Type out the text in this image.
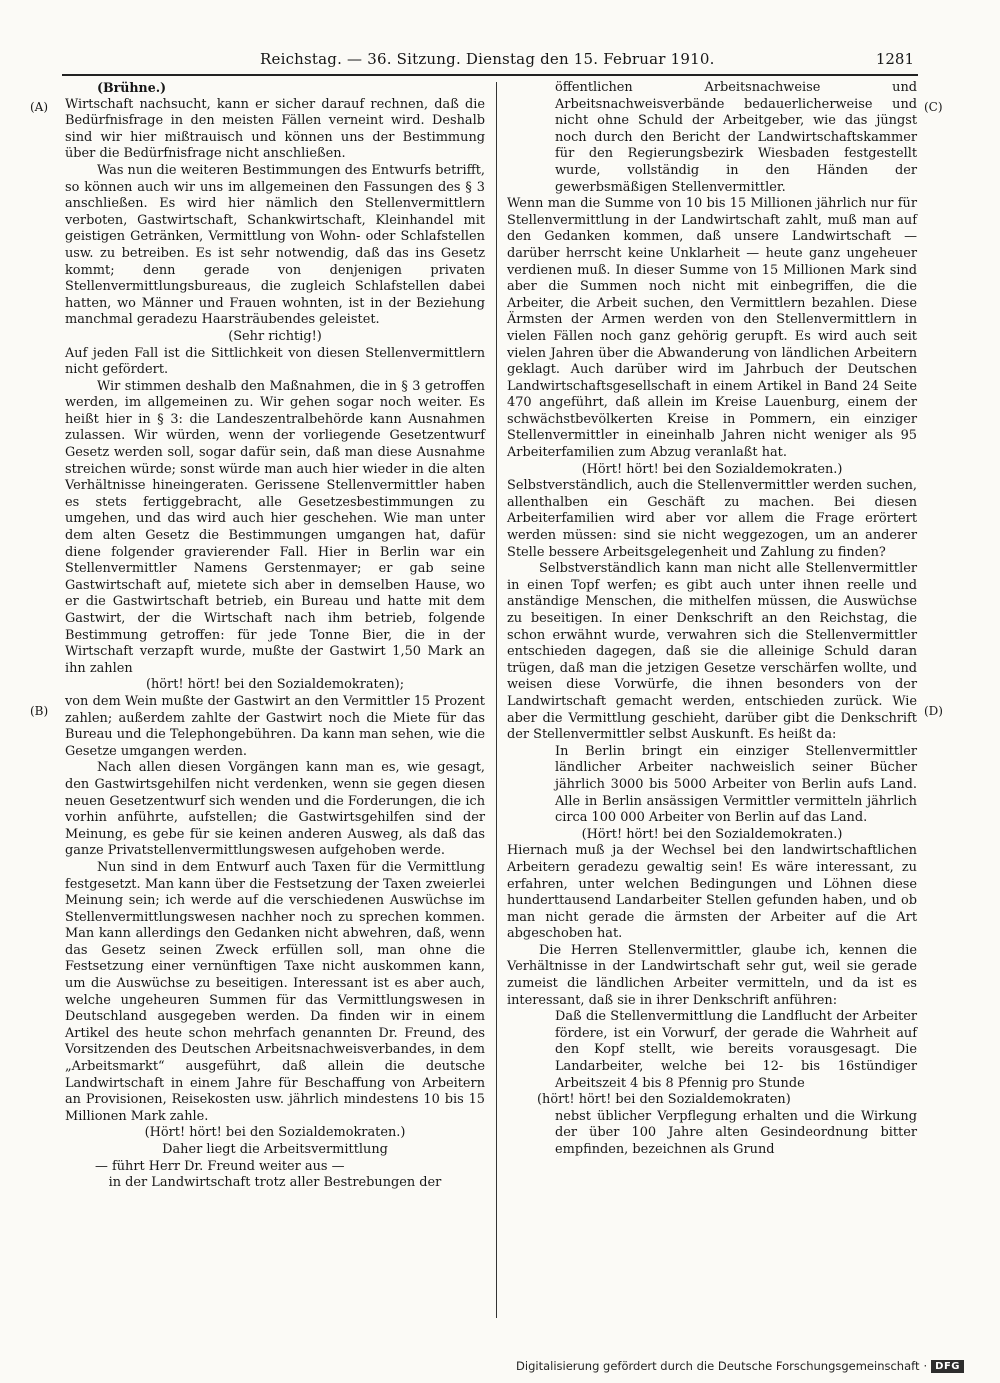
Reichstag. — 36. Sitzung. Dienstag den 15. Februar 1910.	1281
(A)
(B)
(C)
(D)

(Brühne.)

Wirtschaft nachsucht, kann er sicher darauf rechnen, daß die Bedürfnisfrage in den meisten Fällen verneint wird. Deshalb sind wir hier mißtrauisch und können uns der Bestimmung über die Bedürfnisfrage nicht anschließen.

Was nun die weiteren Bestimmungen des Entwurfs betrifft, so können auch wir uns im allgemeinen den Fassungen des § 3 anschließen. Es wird hier nämlich den Stellenvermittlern verboten, Gastwirtschaft, Schankwirtschaft, Kleinhandel mit geistigen Getränken, Vermittlung von Wohn- oder Schlafstellen usw. zu betreiben. Es ist sehr notwendig, daß das ins Gesetz kommt; denn gerade von denjenigen privaten Stellenvermittlungsbureaus, die zugleich Schlafstellen dabei hatten, wo Männer und Frauen wohnten, ist in der Beziehung manchmal geradezu Haarsträubendes geleistet.

(Sehr richtig!)

Auf jeden Fall ist die Sittlichkeit von diesen Stellenvermittlern nicht gefördert.

Wir stimmen deshalb den Maßnahmen, die in § 3 getroffen werden, im allgemeinen zu. Wir gehen sogar noch weiter. Es heißt hier in § 3: die Landeszentralbehörde kann Ausnahmen zulassen. Wir würden, wenn der vorliegende Gesetzentwurf Gesetz werden soll, sogar dafür sein, daß man diese Ausnahme streichen würde; sonst würde man auch hier wieder in die alten Verhältnisse hineingeraten. Gerissene Stellenvermittler haben es stets fertiggebracht, alle Gesetzesbestimmungen zu umgehen, und das wird auch hier geschehen. Wie man unter dem alten Gesetz die Bestimmungen umgangen hat, dafür diene folgender gravierender Fall. Hier in Berlin war ein Stellenvermittler Namens Gerstenmayer; er gab seine Gastwirtschaft auf, mietete sich aber in demselben Hause, wo er die Gastwirtschaft betrieb, ein Bureau und hatte mit dem Gastwirt, der die Wirtschaft nach ihm betrieb, folgende Bestimmung getroffen: für jede Tonne Bier, die in der Wirtschaft verzapft wurde, mußte der Gastwirt 1,50 Mark an ihn zahlen

(hört! hört! bei den Sozialdemokraten);

von dem Wein mußte der Gastwirt an den Vermittler 15 Prozent zahlen; außerdem zahlte der Gastwirt noch die Miete für das Bureau und die Telephongebühren. Da kann man sehen, wie die Gesetze umgangen werden.

Nach allen diesen Vorgängen kann man es, wie gesagt, den Gastwirtsgehilfen nicht verdenken, wenn sie gegen diesen neuen Gesetzentwurf sich wenden und die Forderungen, die ich vorhin anführte, aufstellen; die Gastwirtsgehilfen sind der Meinung, es gebe für sie keinen anderen Ausweg, als daß das ganze Privatstellenvermittlungswesen aufgehoben werde.

Nun sind in dem Entwurf auch Taxen für die Vermittlung festgesetzt. Man kann über die Festsetzung der Taxen zweierlei Meinung sein; ich werde auf die verschiedenen Auswüchse im Stellenvermittlungswesen nachher noch zu sprechen kommen. Man kann allerdings den Gedanken nicht abwehren, daß, wenn das Gesetz seinen Zweck erfüllen soll, man ohne die Festsetzung einer vernünftigen Taxe nicht auskommen kann, um die Auswüchse zu beseitigen. Interessant ist es aber auch, welche ungeheuren Summen für das Vermittlungswesen in Deutschland ausgegeben werden. Da finden wir in einem Artikel des heute schon mehrfach genannten Dr. Freund, des Vorsitzenden des Deutschen Arbeitsnachweisverbandes, in dem „Arbeitsmarkt“ ausgeführt, daß allein die deutsche Landwirtschaft in einem Jahre für Beschaffung von Arbeitern an Provisionen, Reisekosten usw. jährlich mindestens 10 bis 15 Millionen Mark zahle.

(Hört! hört! bei den Sozialdemokraten.)

Daher liegt die Arbeitsvermittlung

— führt Herr Dr. Freund weiter aus —

in der Landwirtschaft trotz aller Bestrebungen der

öffentlichen Arbeitsnachweise und Arbeitsnachweisverbände bedauerlicherweise und nicht ohne Schuld der Arbeitgeber, wie das jüngst noch durch den Bericht der Landwirtschaftskammer für den Regierungsbezirk Wiesbaden festgestellt wurde, vollständig in den Händen der gewerbsmäßigen Stellenvermittler.

Wenn man die Summe von 10 bis 15 Millionen jährlich nur für Stellenvermittlung in der Landwirtschaft zahlt, muß man auf den Gedanken kommen, daß unsere Landwirtschaft — darüber herrscht keine Unklarheit — heute ganz ungeheuer verdienen muß. In dieser Summe von 15 Millionen Mark sind aber die Summen noch nicht mit einbegriffen, die die Arbeiter, die Arbeit suchen, den Vermittlern bezahlen. Diese Ärmsten der Armen werden von den Stellenvermittlern in vielen Fällen noch ganz gehörig gerupft. Es wird auch seit vielen Jahren über die Abwanderung von ländlichen Arbeitern geklagt. Auch darüber wird im Jahrbuch der Deutschen Landwirtschaftsgesellschaft in einem Artikel in Band 24 Seite 470 angeführt, daß allein im Kreise Lauenburg, einem der schwächstbevölkerten Kreise in Pommern, ein einziger Stellenvermittler in eineinhalb Jahren nicht weniger als 95 Arbeiterfamilien zum Abzug veranlaßt hat.

(Hört! hört! bei den Sozialdemokraten.)

Selbstverständlich, auch die Stellenvermittler werden suchen, allenthalben ein Geschäft zu machen. Bei diesen Arbeiterfamilien wird aber vor allem die Frage erörtert werden müssen: sind sie nicht weggezogen, um an anderer Stelle bessere Arbeitsgelegenheit und Zahlung zu finden?

Selbstverständlich kann man nicht alle Stellenvermittler in einen Topf werfen; es gibt auch unter ihnen reelle und anständige Menschen, die mithelfen müssen, die Auswüchse zu beseitigen. In einer Denkschrift an den Reichstag, die schon erwähnt wurde, verwahren sich die Stellenvermittler entschieden dagegen, daß sie die alleinige Schuld daran trügen, daß man die jetzigen Gesetze verschärfen wollte, und weisen diese Vorwürfe, die ihnen besonders von der Landwirtschaft gemacht werden, entschieden zurück. Wie aber die Vermittlung geschieht, darüber gibt die Denkschrift der Stellenvermittler selbst Auskunft. Es heißt da:

In Berlin bringt ein einziger Stellenvermittler ländlicher Arbeiter nachweislich seiner Bücher jährlich 3000 bis 5000 Arbeiter von Berlin aufs Land. Alle in Berlin ansässigen Vermittler vermitteln jährlich circa 100 000 Arbeiter von Berlin auf das Land.

(Hört! hört! bei den Sozialdemokraten.)

Hiernach muß ja der Wechsel bei den landwirtschaftlichen Arbeitern geradezu gewaltig sein! Es wäre interessant, zu erfahren, unter welchen Bedingungen und Löhnen diese hunderttausend Landarbeiter Stellen gefunden haben, und ob man nicht gerade die ärmsten der Arbeiter auf die Art abgeschoben hat.

Die Herren Stellenvermittler, glaube ich, kennen die Verhältnisse in der Landwirtschaft sehr gut, weil sie gerade zumeist die ländlichen Arbeiter vermitteln, und da ist es interessant, daß sie in ihrer Denkschrift anführen:

Daß die Stellenvermittlung die Landflucht der Arbeiter fördere, ist ein Vorwurf, der gerade die Wahrheit auf den Kopf stellt, wie bereits vorausgesagt. Die Landarbeiter, welche bei 12- bis 16stündiger Arbeitszeit 4 bis 8 Pfennig pro Stunde

(hört! hört! bei den Sozialdemokraten)

nebst üblicher Verpflegung erhalten und die Wirkung der über 100 Jahre alten Gesindeordnung bitter empfinden, bezeichnen als Grund

Digitalisierung gefördert durch die Deutsche Forschungsgemeinschaft · DFG
